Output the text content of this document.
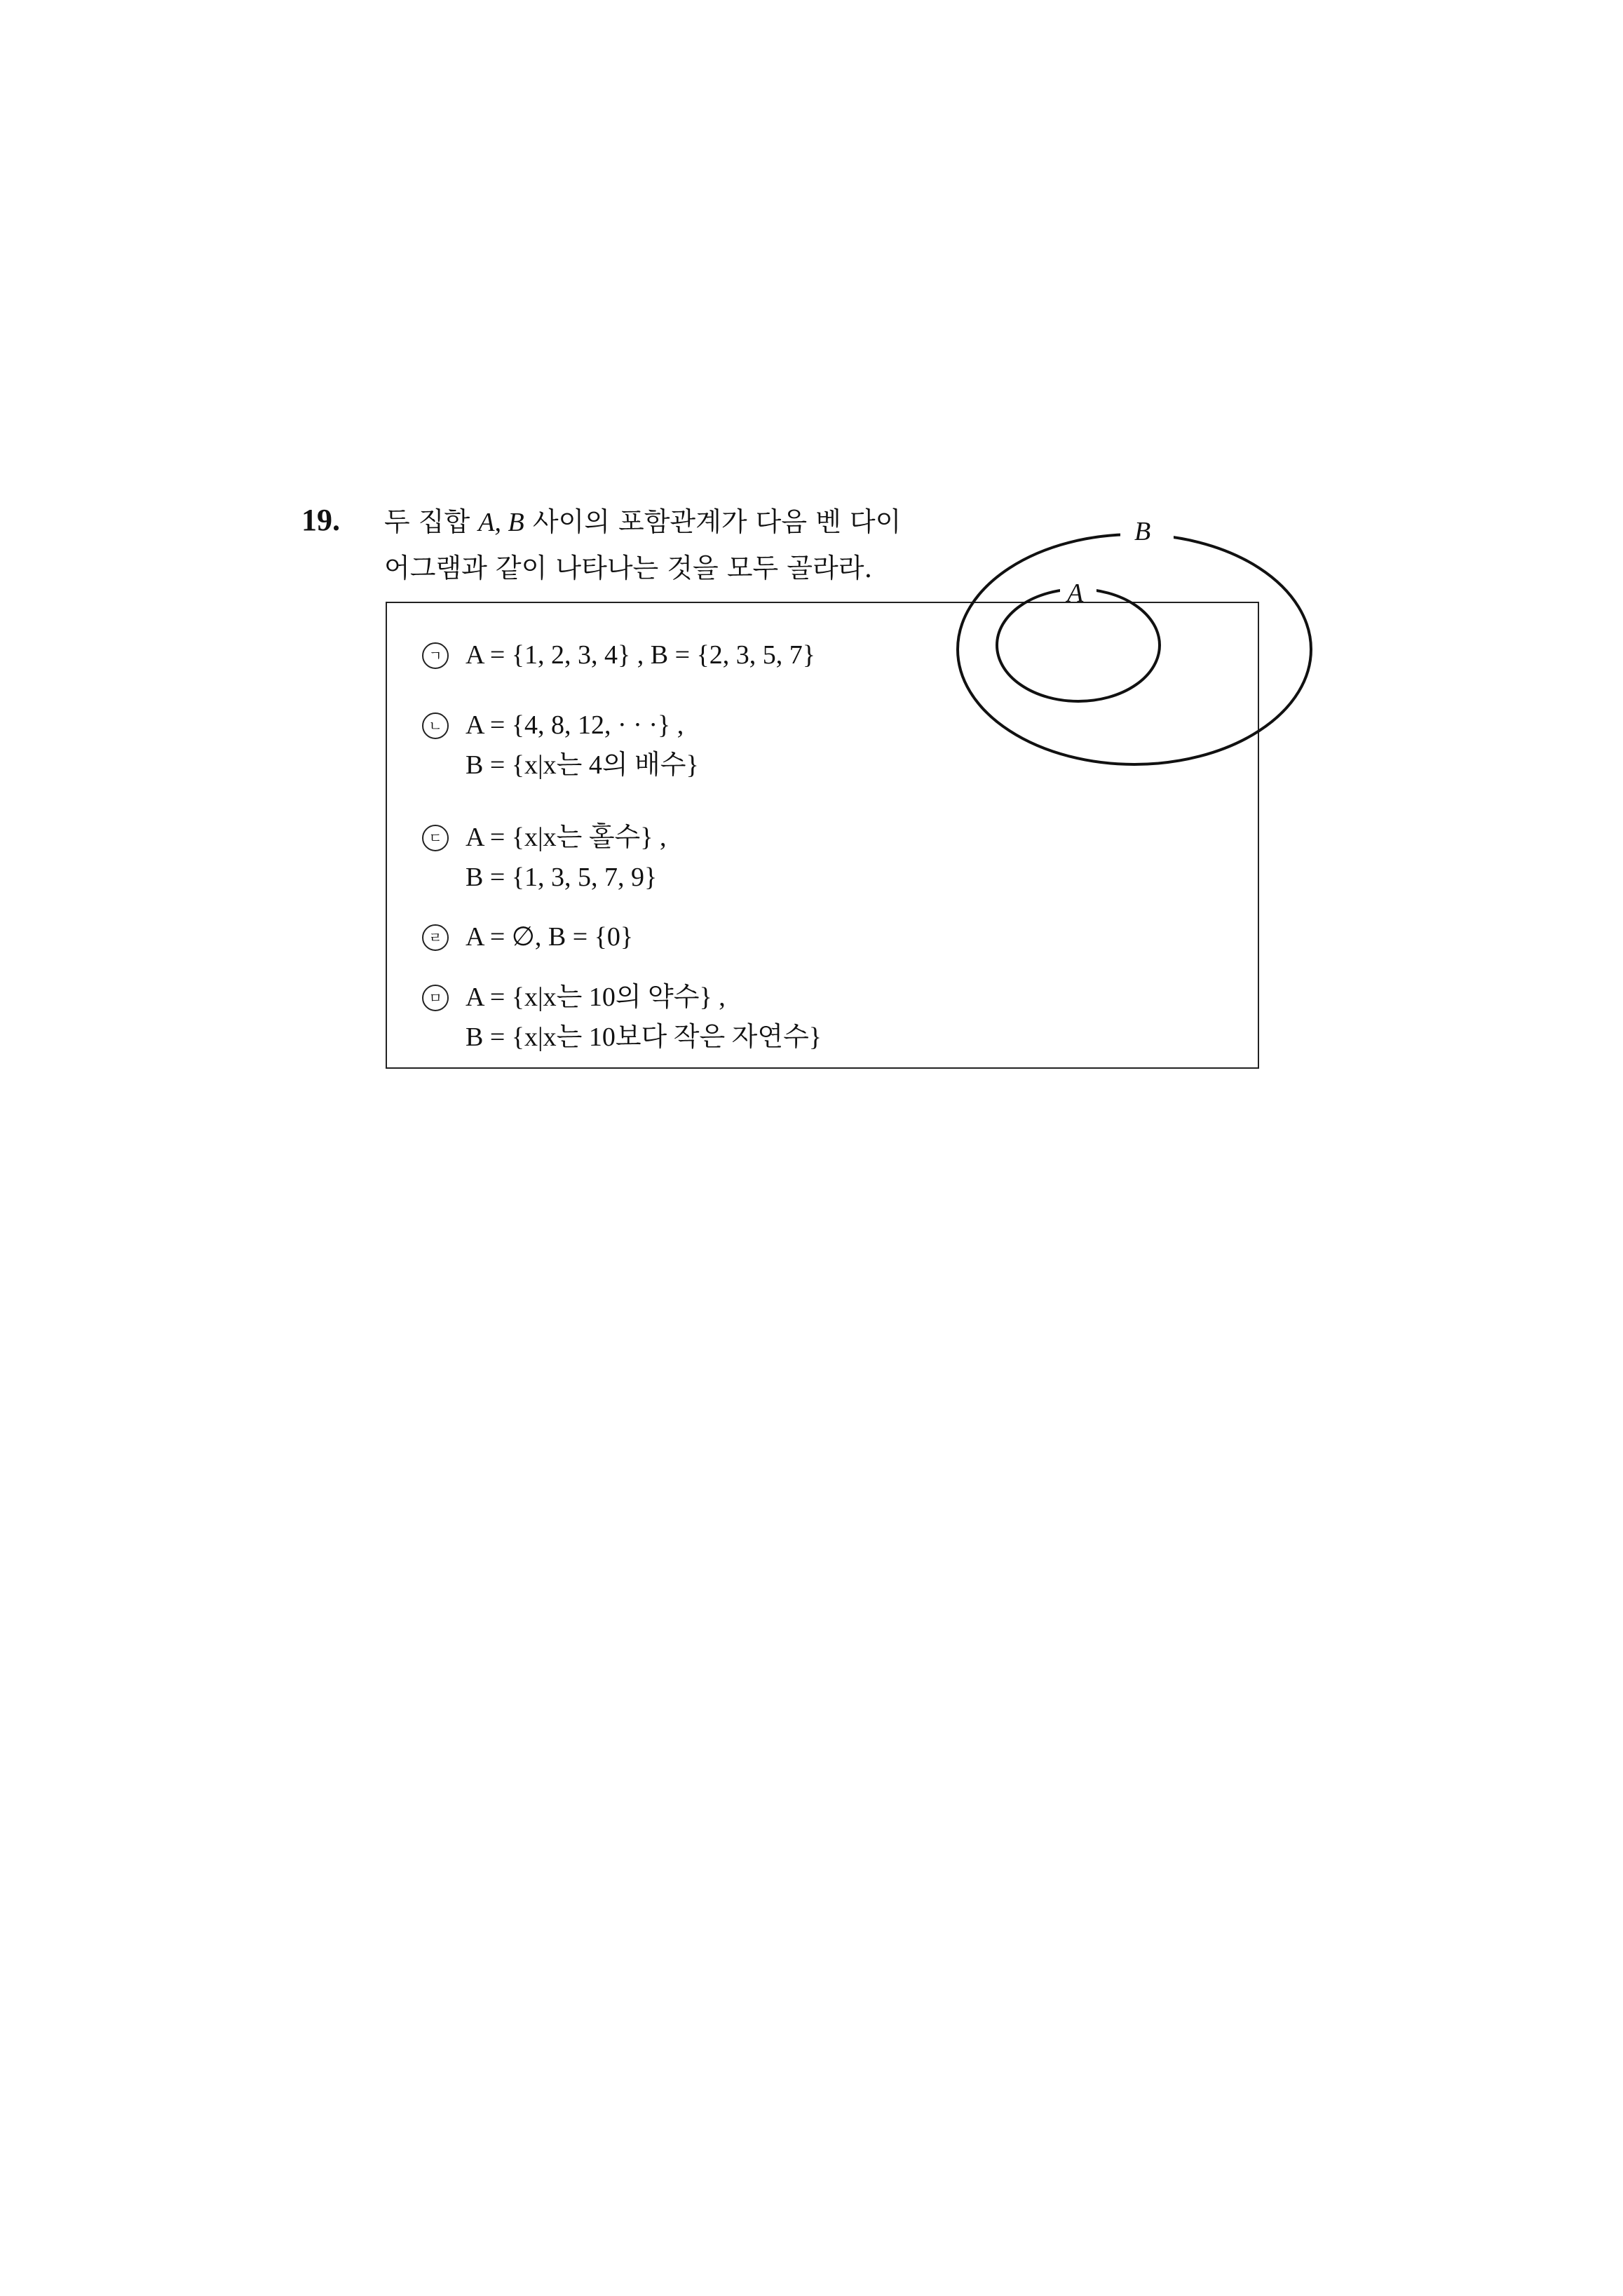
19. 두 집합 A, B 사이의 포함관계가 다음 벤 다이
어그램과 같이 나타나는 것을 모두 골라라.
ㄱ A = {1, 2, 3, 4} , B = {2, 3, 5, 7}
ㄴ A = {4, 8, 12, · · ·} ,
B = {x|x는 4의 배수}
ㄷ A = {x|x는 홀수} ,
B = {1, 3, 5, 7, 9}
ㄹ A = ∅, B = {0}
ㅁ A = {x|x는 10의 약수} ,
B = {x|x는 10보다 작은 자연수}
B
A
